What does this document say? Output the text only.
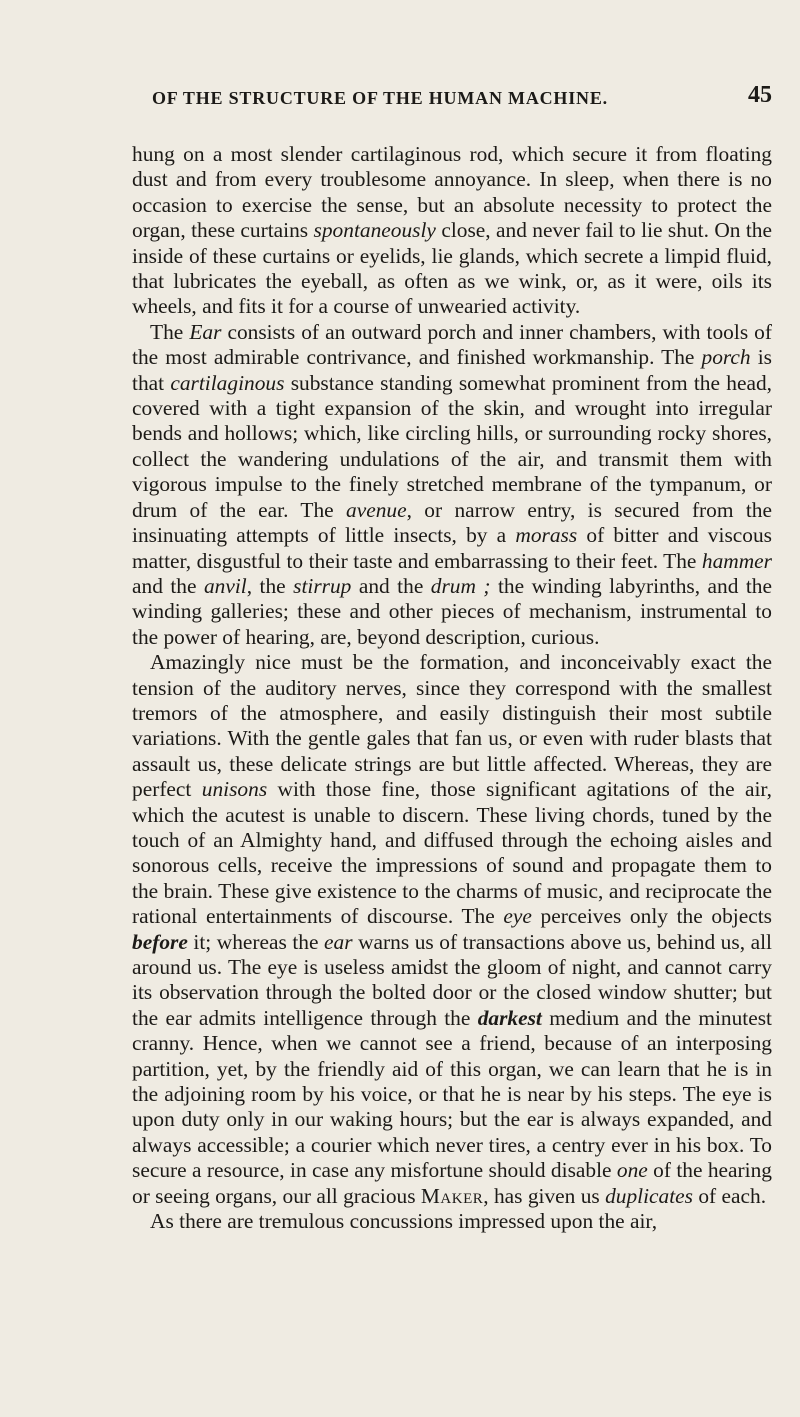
OF THE STRUCTURE OF THE HUMAN MACHINE.	45

hung on a most slender cartilaginous rod, which secure it from floating dust and from every troublesome annoyance. In sleep, when there is no occasion to exercise the sense, but an absolute necessity to protect the organ, these curtains spontaneously close, and never fail to lie shut. On the inside of these curtains or eyelids, lie glands, which secrete a limpid fluid, that lubricates the eyeball, as often as we wink, or, as it were, oils its wheels, and fits it for a course of unwearied activity.

The Ear consists of an outward porch and inner chambers, with tools of the most admirable contrivance, and finished workmanship. The porch is that cartilaginous substance standing somewhat prominent from the head, covered with a tight expansion of the skin, and wrought into irregular bends and hollows; which, like circling hills, or surrounding rocky shores, collect the wandering undulations of the air, and transmit them with vigorous impulse to the finely stretched membrane of the tympanum, or drum of the ear. The avenue, or narrow entry, is secured from the insinuating attempts of little insects, by a morass of bitter and viscous matter, disgustful to their taste and embarrassing to their feet. The hammer and the anvil, the stirrup and the drum ; the winding labyrinths, and the winding galleries; these and other pieces of mechanism, instrumental to the power of hearing, are, beyond description, curious.

Amazingly nice must be the formation, and inconceivably exact the tension of the auditory nerves, since they correspond with the smallest tremors of the atmosphere, and easily distinguish their most subtile variations. With the gentle gales that fan us, or even with ruder blasts that assault us, these delicate strings are but little affected. Whereas, they are perfect unisons with those fine, those significant agitations of the air, which the acutest is unable to discern. These living chords, tuned by the touch of an Almighty hand, and diffused through the echoing aisles and sonorous cells, receive the impressions of sound and propagate them to the brain. These give existence to the charms of music, and reciprocate the rational entertainments of discourse. The eye perceives only the objects before it; whereas the ear warns us of transactions above us, behind us, all around us. The eye is useless amidst the gloom of night, and cannot carry its observation through the bolted door or the closed window shutter; but the ear admits intelligence through the darkest medium and the minutest cranny. Hence, when we cannot see a friend, because of an interposing partition, yet, by the friendly aid of this organ, we can learn that he is in the adjoining room by his voice, or that he is near by his steps. The eye is upon duty only in our waking hours; but the ear is always expanded, and always accessible; a courier which never tires, a centry ever in his box. To secure a resource, in case any misfortune should disable one of the hearing or seeing organs, our all gracious Maker, has given us duplicates of each.

As there are tremulous concussions impressed upon the air,
